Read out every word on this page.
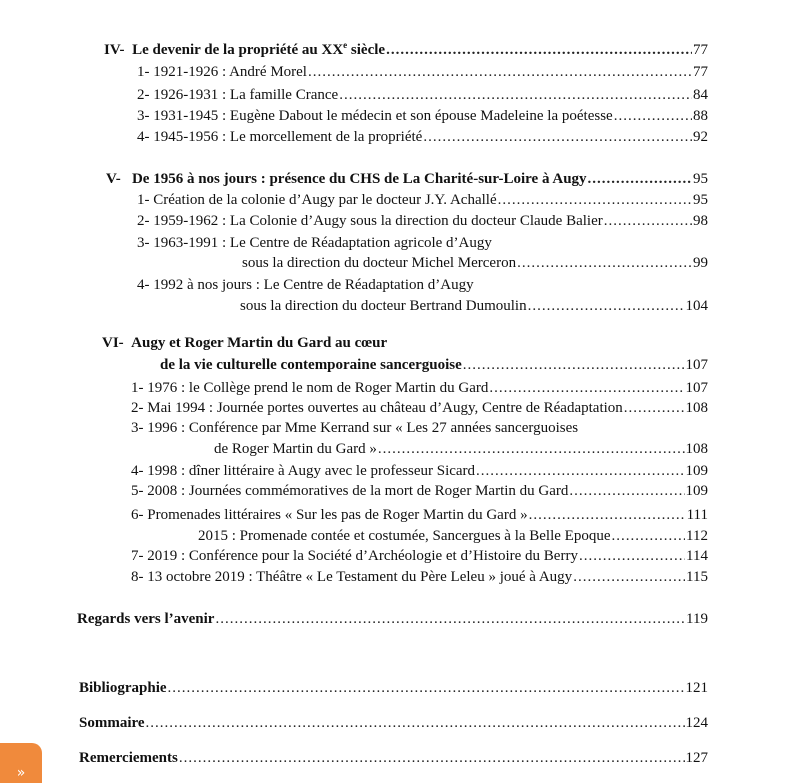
IV- Le devenir de la propriété au XXe siècle .....	77
1- 1921-1926 : André Morel .....	77
2- 1926-1931 : La famille Crance .....	84
3- 1931-1945 : Eugène Dabout le médecin et son épouse Madeleine la poétesse .....	88
4- 1945-1956 : Le morcellement de la propriété .....	92
V- De 1956 à nos jours : présence du CHS de La Charité-sur-Loire à Augy .....	95
1- Création de la colonie d’Augy par le docteur J.Y. Achallé .....	95
2- 1959-1962 : La Colonie d’Augy sous la direction du docteur Claude Balier .....	98
3- 1963-1991 : Le Centre de Réadaptation agricole d’Augy
sous la direction du docteur Michel Merceron .....	99
4- 1992 à nos jours : Le Centre de Réadaptation d’Augy
sous la direction du docteur Bertrand Dumoulin .....	104
VI- Augy et Roger Martin du Gard au cœur
de la vie culturelle contemporaine sancerguoise .....	107
1- 1976 : le Collège prend le nom de Roger Martin du Gard .....	107
2- Mai 1994 : Journée portes ouvertes au château d’Augy, Centre de Réadaptation .....	108
3- 1996 : Conférence par Mme Kerrand sur « Les 27 années sancerguoises
de Roger Martin du Gard » .....	108
4- 1998 : dîner littéraire à Augy avec le professeur Sicard .....	109
5- 2008 : Journées commémoratives de la mort de Roger Martin du Gard .....	109
6- Promenades littéraires « Sur les pas de Roger Martin du Gard » .....	111
2015 : Promenade contée et costumée, Sancergues à la Belle Epoque .....	112
7- 2019 : Conférence pour la Société d’Archéologie et d’Histoire du Berry .....	114
8- 13 octobre 2019 : Théâtre « Le Testament du Père Leleu » joué à Augy .....	115
Regards vers l’avenir .....	119
Bibliographie .....	121
Sommaire .....	124
Remerciements .....	127
»
